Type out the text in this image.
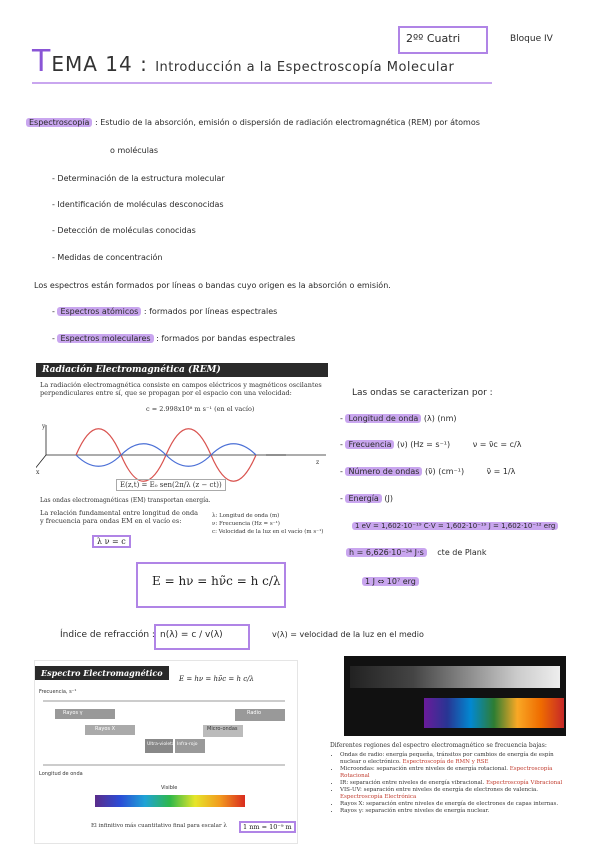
2ºº Cuatri	Bloque IV
TEMA 14 : Introducción a la Espectroscopía Molecular
Espectroscopía : Estudio de la absorción, emisión o dispersión de radiación electromagnética (REM) por átomos
o moléculas
- Determinación de la estructura molecular
- Identificación de moléculas desconocidas
- Detección de moléculas conocidas
- Medidas de concentración
Los espectros están formados por líneas o bandas cuyo origen es la absorción o emisión.
- Espectros atómicos : formados por líneas espectrales
- Espectros moleculares : formados por bandas espectrales
Radiación Electromagnética (REM)
La radiación electromagnética consiste en campos eléctricos y magnéticos oscilantes perpendiculares entre sí, que se propagan por el espacio con una velocidad:
c = 2.998x10⁸ m s⁻¹ (en el vacío)
y
x
z
E(z,t) = E₀ sen(2π/λ (z − ct))
Las ondas electromagnéticas (EM) transportan energía.
La relación fundamental entre longitud de onda y frecuencia para ondas EM en el vacío es:
λ ν = c
λ: Longitud de onda (m)
ν: Frecuencia (Hz = s⁻¹)
c: Velocidad de la luz en el vacío (m s⁻¹)
E = hν = hν̃c = h c/λ
Las ondas se caracterizan por :
- Longitud de onda (λ) (nm)
- Frecuencia (ν) (Hz = s⁻¹)	ν = ν̃c = c/λ
- Número de ondas (ν̃) (cm⁻¹)	ν̃ = 1/λ
- Energía (J)
1 eV = 1,602·10⁻¹⁹ C·V = 1,602·10⁻¹⁹ J = 1,602·10⁻¹² erg
h = 6,626·10⁻³⁴ J·s cte de Plank
1 J ⇔ 10⁷ erg
Índice de refracción : n(λ) = c / v(λ)	v(λ) = velocidad de la luz en el medio
Espectro Electromagnético
E = hν = hν̃c = h c/λ
Frecuencia, s⁻¹
Rayos γ
Rayos X
Ultra-violeta Infra-rojo
Micro-ondas
Radio
Longitud de onda
Visible
El infinitivo más cuantitativo final para escalar λ	1 nm = 10⁻⁹ m
Diferentes regiones del espectro electromagnético se frecuencia bajas:
• Ondas de radio: energía pequeña, tránsitos por cambios de energía de espín nuclear o electrónico. Espectroscopía de RMN y RSE
• Microondas: separación entre niveles de energía rotacional. Espectroscopía Rotacional
• IR: separación entre niveles de energía vibracional. Espectroscopía Vibracional
• VIS-UV: separación entre niveles de energía de electrones de valencia. Espectroscopía Electrónica
• Rayos X: separación entre niveles de energía de electrones de capas internas.
• Rayos γ: separación entre niveles de energía nuclear.
